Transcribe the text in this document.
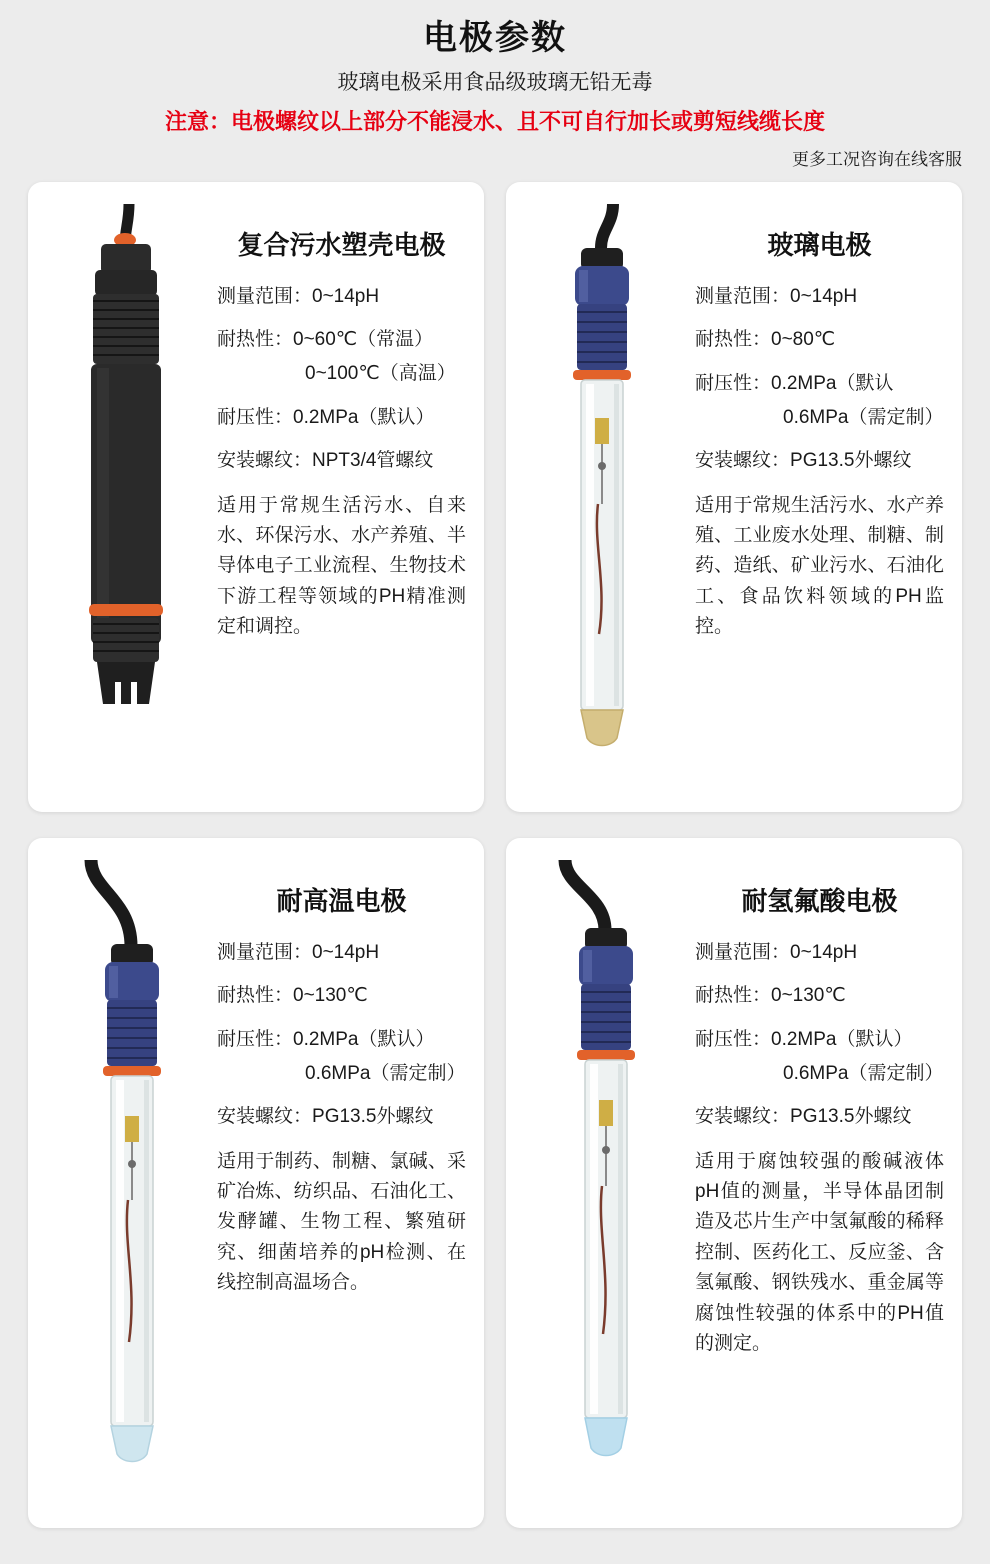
电极参数
玻璃电极采用食品级玻璃无铅无毒
注意：电极螺纹以上部分不能浸水、且不可自行加长或剪短线缆长度
更多工况咨询在线客服
复合污水塑壳电极

测量范围：0~14pH

耐热性：0~60℃（常温）

0~100℃（高温）

耐压性：0.2MPa（默认）

安装螺纹：NPT3/4管螺纹

适用于常规生活污水、自来水、环保污水、水产养殖、半导体电子工业流程、生物技术下游工程等领域的PH精准测定和调控。

玻璃电极

测量范围：0~14pH

耐热性：0~80℃

耐压性：0.2MPa（默认

0.6MPa（需定制）

安装螺纹：PG13.5外螺纹

适用于常规生活污水、水产养殖、工业废水处理、制糖、制药、造纸、矿业污水、石油化工、食品饮料领域的PH监控。

耐高温电极

测量范围：0~14pH

耐热性：0~130℃

耐压性：0.2MPa（默认）

0.6MPa（需定制）

安装螺纹：PG13.5外螺纹

适用于制药、制糖、氯碱、采矿冶炼、纺织品、石油化工、发酵罐、生物工程、繁殖研究、细菌培养的pH检测、在线控制高温场合。

耐氢氟酸电极

测量范围：0~14pH

耐热性：0~130℃

耐压性：0.2MPa（默认）

0.6MPa（需定制）

安装螺纹：PG13.5外螺纹

适用于腐蚀较强的酸碱液体pH值的测量，半导体晶团制造及芯片生产中氢氟酸的稀释控制、医药化工、反应釜、含氢氟酸、钢铁残水、重金属等腐蚀性较强的体系中的PH值的测定。
